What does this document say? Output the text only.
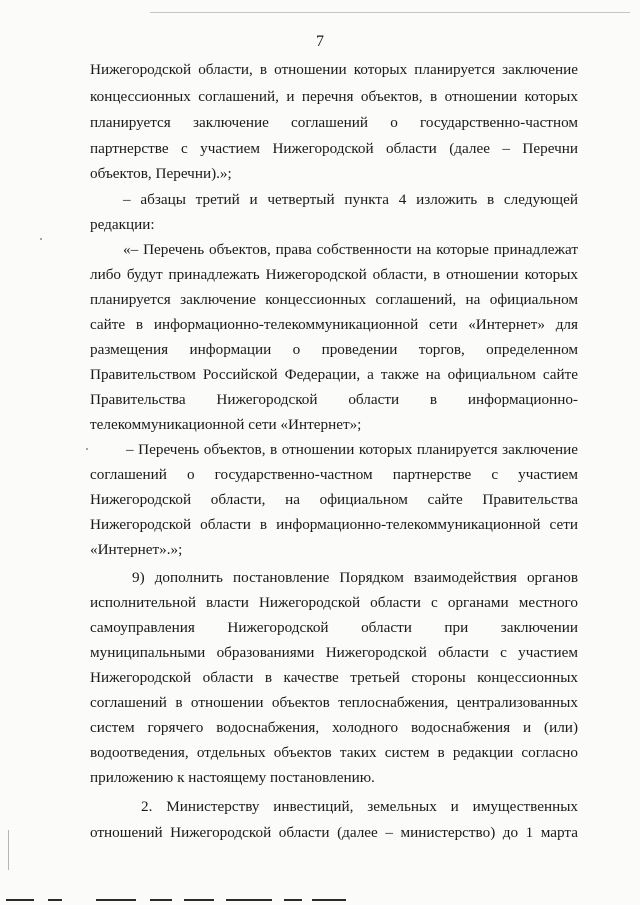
7
Нижегородской области, в отношении которых планируется заключение
концессионных соглашений, и перечня объектов, в отношении которых
планируется заключение соглашений о государственно-частном
партнерстве с участием Нижегородской области (далее – Перечни
объектов, Перечни).»;
– абзацы третий и четвертый пункта 4 изложить в следующей
редакции:
«– Перечень объектов, права собственности на которые принадлежат
либо будут принадлежать Нижегородской области, в отношении которых
планируется заключение концессионных соглашений, на официальном
сайте в информационно-телекоммуникационной сети «Интернет» для
размещения информации о проведении торгов, определенном
Правительством Российской Федерации, а также на официальном сайте
Правительства Нижегородской области в информационно-
телекоммуникационной сети «Интернет»;
– Перечень объектов, в отношении которых планируется заключение
соглашений о государственно-частном партнерстве с участием
Нижегородской области, на официальном сайте Правительства
Нижегородской области в информационно-телекоммуникационной сети
«Интернет».»;
9) дополнить постановление Порядком взаимодействия органов
исполнительной власти Нижегородской области с органами местного
самоуправления Нижегородской области при заключении
муниципальными образованиями Нижегородской области с участием
Нижегородской области в качестве третьей стороны концессионных
соглашений в отношении объектов теплоснабжения, централизованных
систем горячего водоснабжения, холодного водоснабжения и (или)
водоотведения, отдельных объектов таких систем в редакции согласно
приложению к настоящему постановлению.
2. Министерству инвестиций, земельных и имущественных
отношений Нижегородской области (далее – министерство) до 1 марта
